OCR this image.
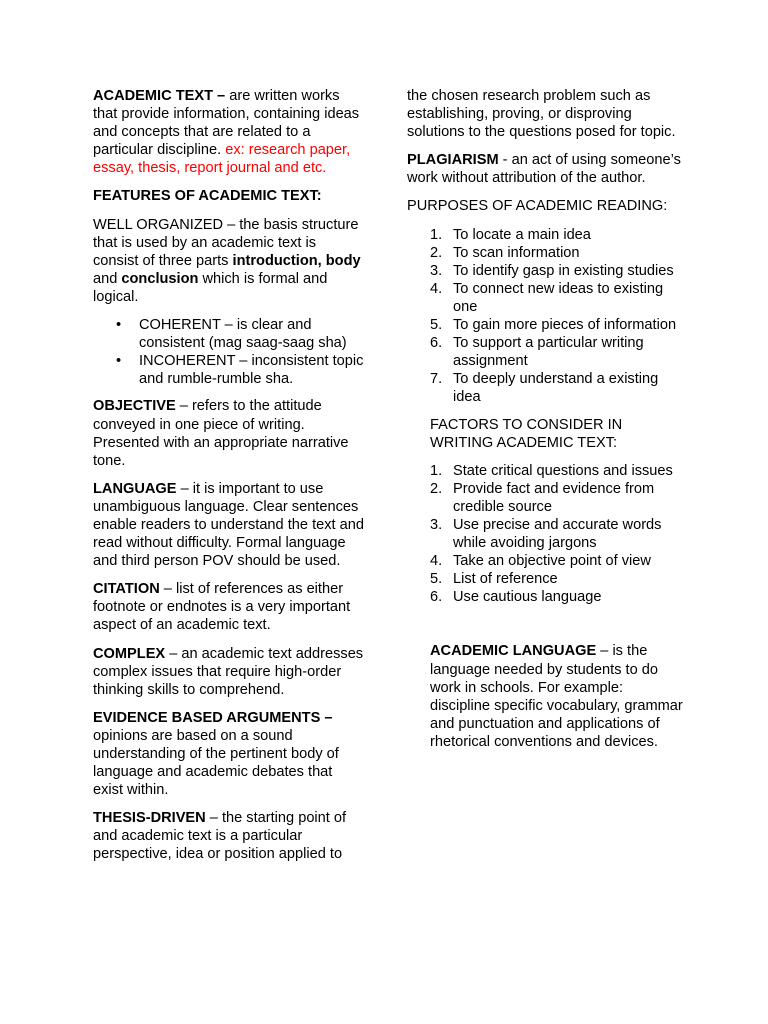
ACADEMIC TEXT – are written works that provide information, containing ideas and concepts that are related to a particular discipline. ex: research paper, essay, thesis, report journal and etc.

FEATURES OF ACADEMIC TEXT:

WELL ORGANIZED – the basis structure that is used by an academic text is consist of three parts introduction, body and conclusion which is formal and logical.

• COHERENT – is clear and consistent (mag saag-saag sha)
• INCOHERENT – inconsistent topic and rumble-rumble sha.

OBJECTIVE – refers to the attitude conveyed in one piece of writing. Presented with an appropriate narrative tone.

LANGUAGE – it is important to use unambiguous language. Clear sentences enable readers to understand the text and read without difficulty. Formal language and third person POV should be used.

CITATION – list of references as either footnote or endnotes is a very important aspect of an academic text.

COMPLEX – an academic text addresses complex issues that require high-order thinking skills to comprehend.

EVIDENCE BASED ARGUMENTS – opinions are based on a sound understanding of the pertinent body of language and academic debates that exist within.

THESIS-DRIVEN – the starting point of and academic text is a particular perspective, idea or position applied to

the chosen research problem such as establishing, proving, or disproving solutions to the questions posed for topic.

PLAGIARISM - an act of using someone’s work without attribution of the author.

PURPOSES OF ACADEMIC READING:

1. To locate a main idea
2. To scan information
3. To identify gasp in existing studies
4. To connect new ideas to existing one
5. To gain more pieces of information
6. To support a particular writing assignment
7. To deeply understand a existing idea

FACTORS TO CONSIDER IN WRITING ACADEMIC TEXT:

1. State critical questions and issues
2. Provide fact and evidence from credible source
3. Use precise and accurate words while avoiding jargons
4. Take an objective point of view
5. List of reference
6. Use cautious language

ACADEMIC LANGUAGE – is the language needed by students to do work in schools. For example: discipline specific vocabulary, grammar and punctuation and applications of rhetorical conventions and devices.
